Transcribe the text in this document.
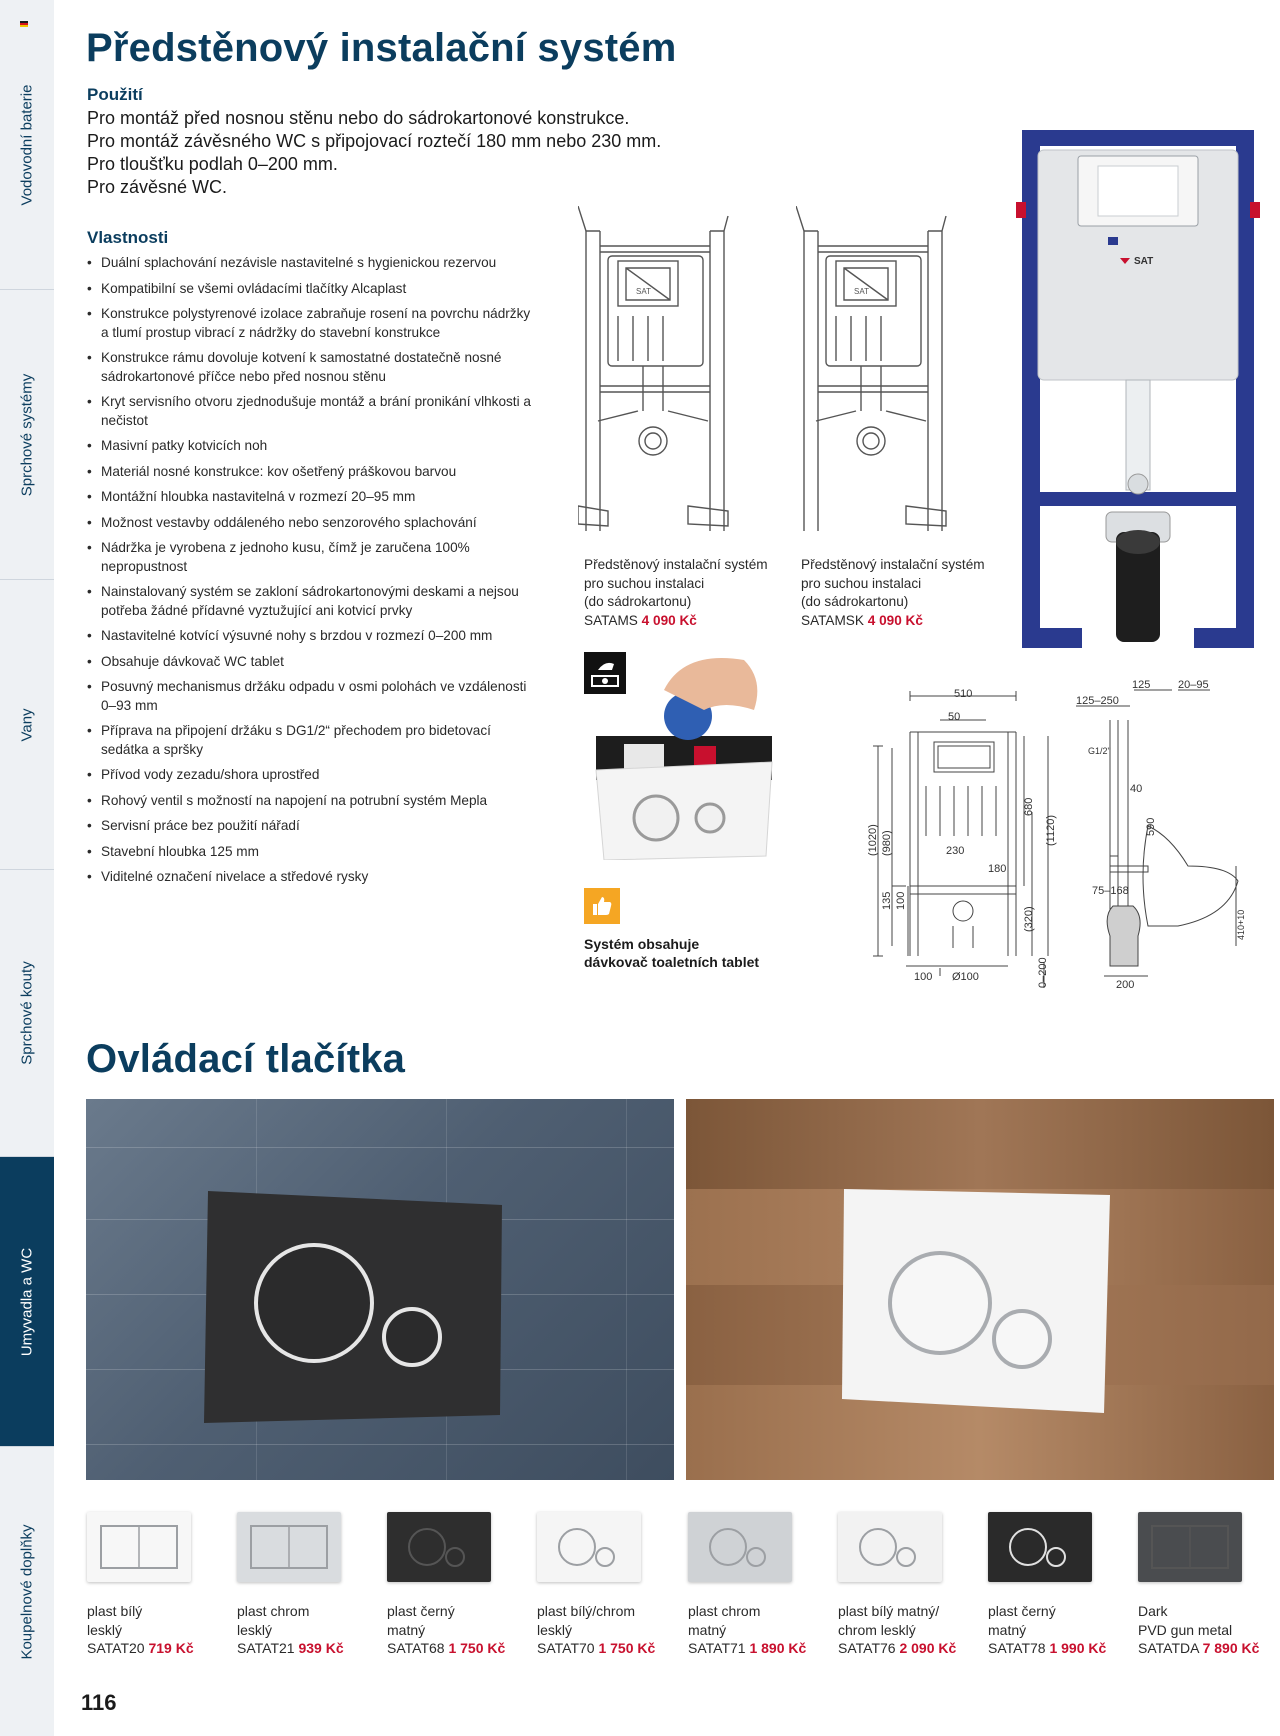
Vodovodní baterie
Sprchové systémy
Vany
Sprchové kouty
Umyvadla a WC
Koupelnové doplňky
Předstěnový instalační systém
Použití
Pro montáž před nosnou stěnu nebo do sádrokartonové konstrukce.
Pro montáž závěsného WC s připojovací roztečí 180 mm nebo 230 mm.
Pro tloušťku podlah 0–200 mm.
Pro závěsné WC.
Vlastnosti
• Duální splachování nezávisle nastavitelné s hygienickou rezervou
• Kompatibilní se všemi ovládacími tlačítky Alcaplast
• Konstrukce polystyrenové izolace zabraňuje rosení na povrchu nádržky a tlumí prostup vibrací z nádržky do stavební konstrukce
• Konstrukce rámu dovoluje kotvení k samostatné dostatečně nosné sádrokartonové příčce nebo před nosnou stěnu
• Kryt servisního otvoru zjednodušuje montáž a brání pronikání vlhkosti a nečistot
• Masivní patky kotvicích noh
• Materiál nosné konstrukce: kov ošetřený práškovou barvou
• Montážní hloubka nastavitelná v rozmezí 20–95 mm
• Možnost vestavby oddáleného nebo senzorového splachování
• Nádržka je vyrobena z jednoho kusu, čímž je zaručena 100% nepropustnost
• Nainstalovaný systém se zakloní sádrokartonovými deskami a nejsou potřeba žádné přídavné vyztužující ani kotvicí prvky
• Nastavitelné kotvící výsuvné nohy s brzdou v rozmezí 0–200 mm
• Obsahuje dávkovač WC tablet
• Posuvný mechanismus držáku odpadu v osmi polohách ve vzdálenosti 0–93 mm
• Příprava na připojení držáku s DG1/2“ přechodem pro bidetovací sedátka a spršky
• Přívod vody zezadu/shora uprostřed
• Rohový ventil s možností na napojení na potrubní systém Mepla
• Servisní práce bez použití nářadí
• Stavební hloubka 125 mm
• Viditelné označení nivelace a středové rysky
SAT	SAT
SAT
Předstěnový instalační systém
pro suchou instalaci
(do sádrokartonu)
SATAMS 4 090 Kč
Předstěnový instalační systém
pro suchou instalaci
(do sádrokartonu)
SATAMSK 4 090 Kč
Systém obsahuje
dávkovač toaletních tablet
510
50
125–250
125	20–95
G1/2"
40
230
180
75–168
100 Ø100
200
(1020) (980)
680
(1120)
135 100
(320)
0–200
590
410+10
Ovládací tlačítka
plast bílý
lesklý
SATAT20 719 Kč
plast chrom
lesklý
SATAT21 939 Kč
plast černý
matný
SATAT68 1 750 Kč
plast bílý/chrom
lesklý
SATAT70 1 750 Kč
plast chrom
matný
SATAT71 1 890 Kč
plast bílý matný/
chrom lesklý
SATAT76 2 090 Kč
plast černý
matný
SATAT78 1 990 Kč
Dark
PVD gun metal
SATATDA 7 890 Kč
116
